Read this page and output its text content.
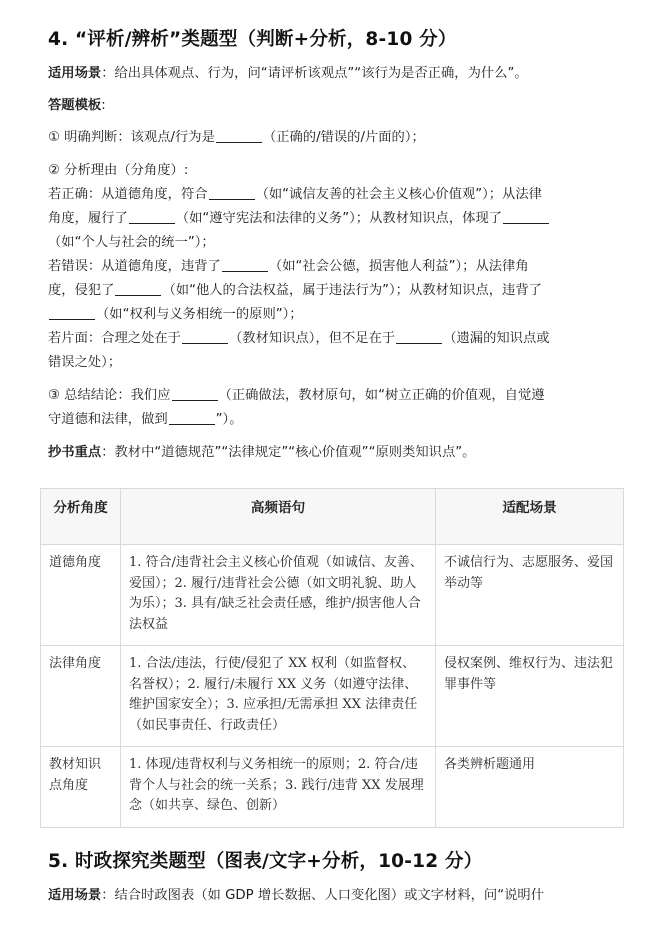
4. “评析/辨析”类题型（判断+分析，8-10 分）
适用场景：给出具体观点、行为，问“请评析该观点”“该行为是否正确，为什么”。
答题模板:
① 明确判断：该观点/行为是	（正确的/错误的/片面的）；
② 分析理由（分角度）:
若正确：从道德角度，符合	（如“诚信友善的社会主义核心价值观”）；从法律
角度，履行了	（如“遵守宪法和法律的义务”）；从教材知识点，体现了
（如“个人与社会的统一”）；
若错误：从道德角度，违背了	（如“社会公德，损害他人利益”）；从法律角
度，侵犯了	（如“他人的合法权益，属于违法行为”）；从教材知识点，违背了
（如“权利与义务相统一的原则”）；
若片面：合理之处在于	（教材知识点），但不足在于	（遗漏的知识点或
错误之处）；
③ 总结结论：我们应	（正确做法，教材原句，如“树立正确的价值观，自觉遵
守道德和法律，做到	”）。
抄书重点：教材中“道德规范”“法律规定”“核心价值观”“原则类知识点”。
分析角度	高频语句	适配场景
道德角度	1. 符合/违背社会主义核心价值观（如诚信、友善、爱国）；2. 履行/违背社会公德（如文明礼貌、助人为乐）；3. 具有/缺乏社会责任感，维护/损害他人合法权益	不诚信行为、志愿服务、爱国举动等
法律角度	1. 合法/违法，行使/侵犯了 XX 权利（如监督权、名誉权）；2. 履行/未履行 XX 义务（如遵守法律、维护国家安全）；3. 应承担/无需承担 XX 法律责任（如民事责任、行政责任）	侵权案例、维权行为、违法犯罪事件等
教材知识点角度	1. 体现/违背权利与义务相统一的原则；2. 符合/违背个人与社会的统一关系；3. 践行/违背 XX 发展理念（如共享、绿色、创新）	各类辨析题通用
5. 时政探究类题型（图表/文字+分析，10-12 分）
适用场景：结合时政图表（如 GDP 增长数据、人口变化图）或文字材料，问“说明什
